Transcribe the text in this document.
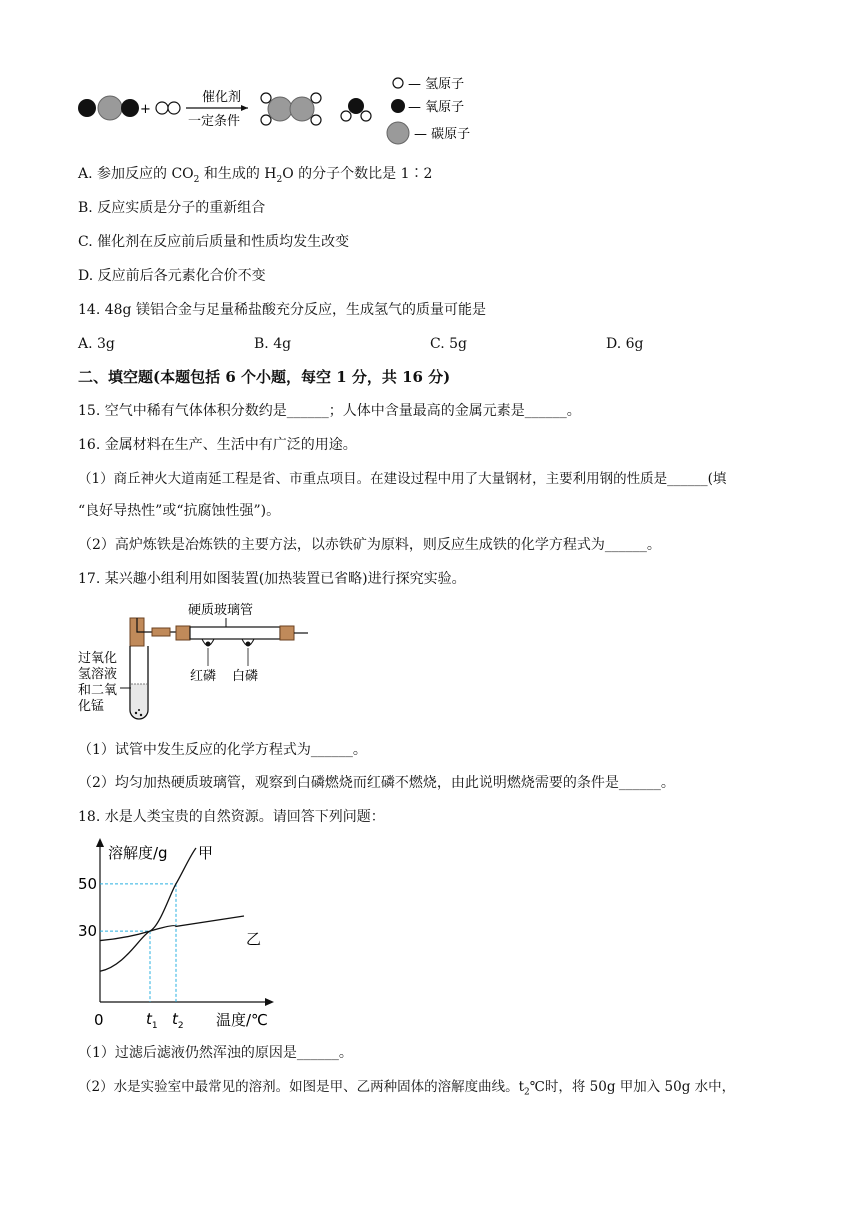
+
催化剂
一定条件
— 氢原子
— 氧原子
— 碳原子
A. 参加反应的 $CO_2$ 和生成的 $H_2O$ 的分子个数比是 1∶2
B. 反应实质是分子的重新组合
C. 催化剂在反应前后质量和性质均发生改变
D. 反应前后各元素化合价不变
14. 48g 镁铝合金与足量稀盐酸充分反应，生成氢气的质量可能是
A. 3g	B. 4g	C. 5g	D. 6g
二、填空题(本题包括 6 个小题，每空 1 分，共 16 分)
15. 空气中稀有气体体积分数约是______；人体中含量最高的金属元素是______。
16. 金属材料在生产、生活中有广泛的用途。
（1）商丘神火大道南延工程是省、市重点项目。在建设过程中用了大量钢材，主要利用钢的性质是______(填
“良好导热性”或“抗腐蚀性强”)。
（2）高炉炼铁是冶炼铁的主要方法，以赤铁矿为原料，则反应生成铁的化学方程式为______。
17. 某兴趣小组利用如图装置(加热装置已省略)进行探究实验。
硬质玻璃管
过氧化
氢溶液
和二氧
化锰
红磷 白磷
（1）试管中发生反应的化学方程式为______。
（2）均匀加热硬质玻璃管，观察到白磷燃烧而红磷不燃烧，由此说明燃烧需要的条件是______。
18. 水是人类宝贵的自然资源。请回答下列问题：
溶解度/g
温度/℃
0
50
30
甲
乙
$t_1$ $t_2$
（1）过滤后滤液仍然浑浊的原因是______。
（2）水是实验室中最常见的溶剂。如图是甲、乙两种固体的溶解度曲线。$t_2℃$时，将 50g 甲加入 50g 水中，
